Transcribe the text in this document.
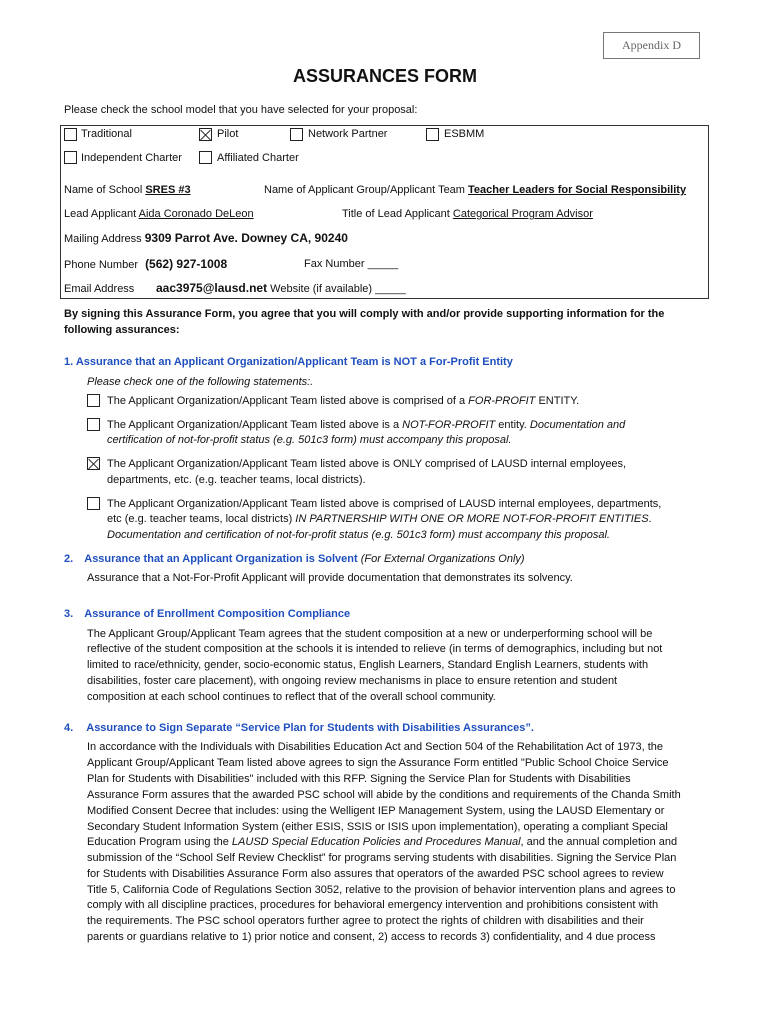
Appendix D
ASSURANCES FORM
Please check the school model that you have selected for your proposal:
Traditional	Pilot	Network Partner	ESBMM
Independent Charter	Affiliated Charter
Name of School SRES #3	Name of Applicant Group/Applicant Team Teacher Leaders for Social Responsibility
Lead Applicant Aida Coronado DeLeon	Title of Lead Applicant Categorical Program Advisor
Mailing Address 9309 Parrot Ave. Downey CA, 90240
Phone Number (562) 927-1008	Fax Number _____
Email Address aac3975@lausd.net Website (if available) _____
By signing this Assurance Form, you agree that you will comply with and/or provide supporting information for the
following assurances:
1. Assurance that an Applicant Organization/Applicant Team is NOT a For-Profit Entity
Please check one of the following statements:.
The Applicant Organization/Applicant Team listed above is comprised of a FOR-PROFIT ENTITY.
The Applicant Organization/Applicant Team listed above is a NOT-FOR-PROFIT entity. Documentation and
certification of not-for-profit status (e.g. 501c3 form) must accompany this proposal.
The Applicant Organization/Applicant Team listed above is ONLY comprised of LAUSD internal employees,
departments, etc. (e.g. teacher teams, local districts).
The Applicant Organization/Applicant Team listed above is comprised of LAUSD internal employees, departments,
etc (e.g. teacher teams, local districts) IN PARTNERSHIP WITH ONE OR MORE NOT-FOR-PROFIT ENTITIES.
Documentation and certification of not-for-profit status (e.g. 501c3 form) must accompany this proposal.
2. Assurance that an Applicant Organization is Solvent (For External Organizations Only)
Assurance that a Not-For-Profit Applicant will provide documentation that demonstrates its solvency.
3. Assurance of Enrollment Composition Compliance
The Applicant Group/Applicant Team agrees that the student composition at a new or underperforming school will be
reflective of the student composition at the schools it is intended to relieve (in terms of demographics, including but not
limited to race/ethnicity, gender, socio-economic status, English Learners, Standard English Learners, students with
disabilities, foster care placement), with ongoing review mechanisms in place to ensure retention and student
composition at each school continues to reflect that of the overall school community.
4. Assurance to Sign Separate “Service Plan for Students with Disabilities Assurances”.
In accordance with the Individuals with Disabilities Education Act and Section 504 of the Rehabilitation Act of 1973, the
Applicant Group/Applicant Team listed above agrees to sign the Assurance Form entitled "Public School Choice Service
Plan for Students with Disabilities" included with this RFP. Signing the Service Plan for Students with Disabilities
Assurance Form assures that the awarded PSC school will abide by the conditions and requirements of the Chanda Smith
Modified Consent Decree that includes: using the Welligent IEP Management System, using the LAUSD Elementary or
Secondary Student Information System (either ESIS, SSIS or ISIS upon implementation), operating a compliant Special
Education Program using the LAUSD Special Education Policies and Procedures Manual, and the annual completion and
submission of the “School Self Review Checklist” for programs serving students with disabilities. Signing the Service Plan
for Students with Disabilities Assurance Form also assures that operators of the awarded PSC school agrees to review
Title 5, California Code of Regulations Section 3052, relative to the provision of behavior intervention plans and agrees to
comply with all discipline practices, procedures for behavioral emergency intervention and prohibitions consistent with
the requirements. The PSC school operators further agree to protect the rights of children with disabilities and their
parents or guardians relative to 1) prior notice and consent, 2) access to records 3) confidentiality, and 4 due process
